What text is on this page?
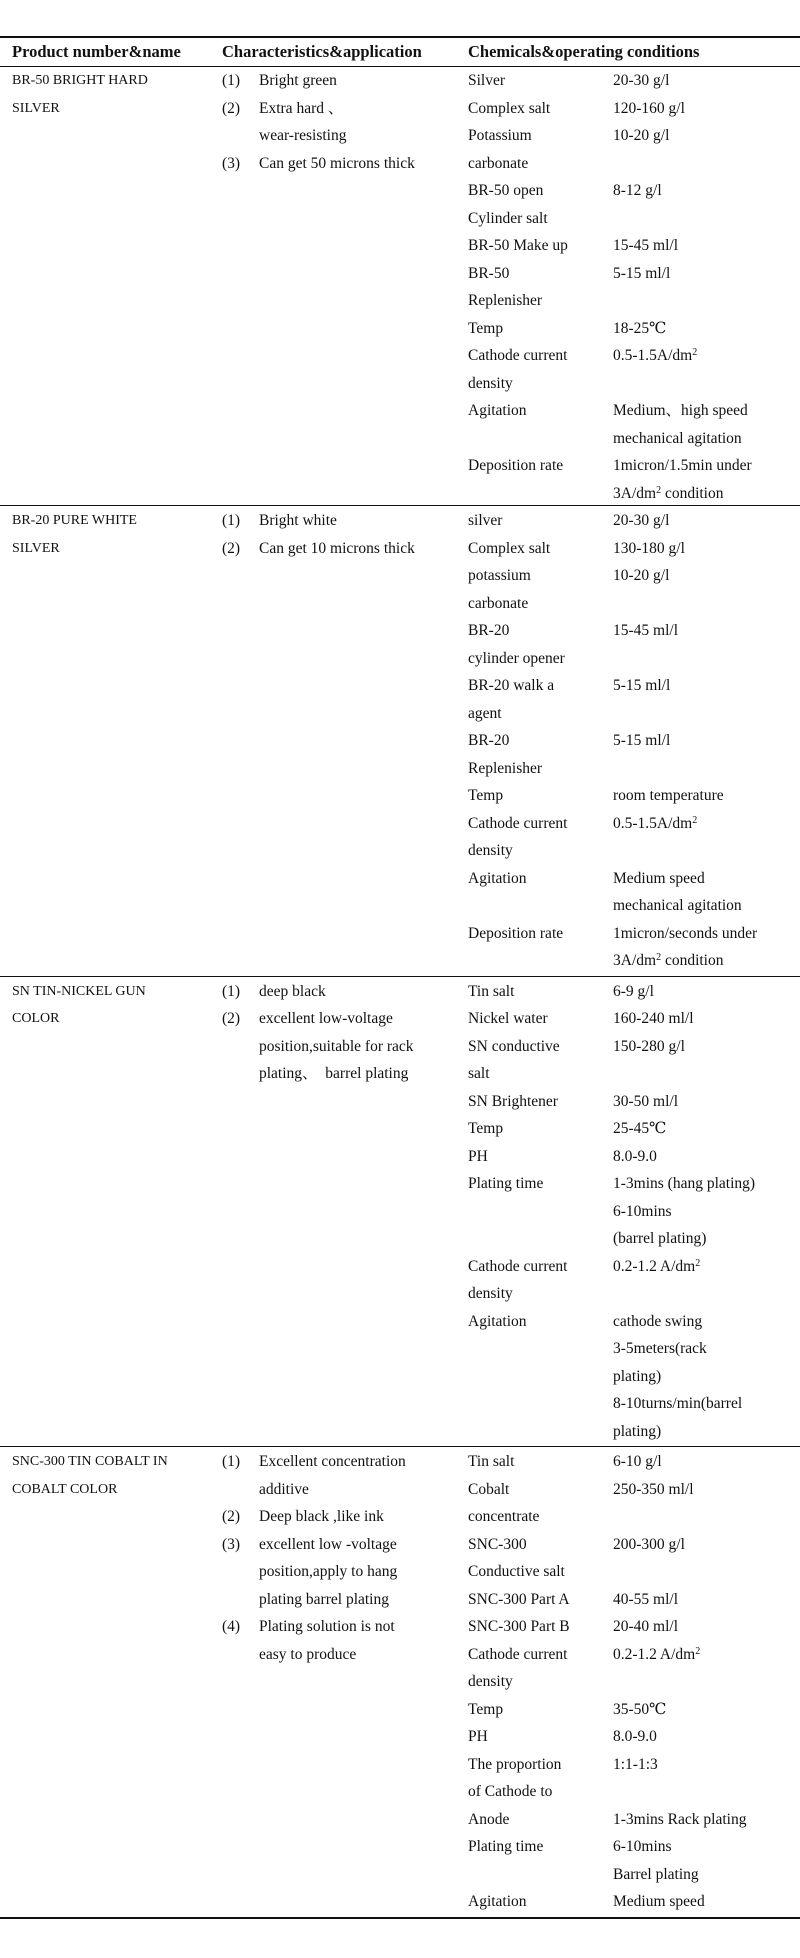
Product number&name Characteristics&application	Chemicals&operating conditions
BR-50 BRIGHT HARD
SILVER
(1) Bright green
(2) Extra hard 、
wear-resisting
(3) Can get 50 microns thick
Silver
Complex salt
Potassium
carbonate
BR-50 open
Cylinder salt
BR-50 Make up
BR-50
Replenisher
Temp
Cathode current
density
Agitation
Deposition rate
20-30 g/l
120-160 g/l
10-20 g/l
8-12 g/l
15-45 ml/l
5-15 ml/l
18-25℃
$0.5-1.5A/dm^2$
Medium、high speed
mechanical agitation
1micron/1.5min under
$3A/dm^2$ condition
BR-20 PURE WHITE
SILVER
(1) Bright white
(2) Can get 10 microns thick
silver
Complex salt
potassium
carbonate
BR-20
cylinder opener
BR-20 walk a
agent
BR-20
Replenisher
Temp
Cathode current
density
Agitation
Deposition rate
20-30 g/l
130-180 g/l
10-20 g/l
15-45 ml/l
5-15 ml/l
5-15 ml/l
room temperature
$0.5-1.5A/dm^2$
Medium speed
mechanical agitation
1micron/seconds under
$3A/dm^2$ condition
SN TIN-NICKEL GUN
COLOR
(1) deep black
(2) excellent low-voltage
position,suitable for rack
plating、  barrel plating
Tin salt
Nickel water
SN conductive
salt
SN Brightener
Temp
PH
Plating time
Cathode current
density
Agitation
6-9 g/l
160-240 ml/l
150-280 g/l
30-50 ml/l
25-45℃
8.0-9.0
1-3mins (hang plating)
6-10mins
(barrel plating)
0.2-1.2 $A/dm^2$
cathode swing
3-5meters(rack
plating)
8-10turns/min(barrel
plating)
SNC-300 TIN COBALT IN
COBALT COLOR
(1) Excellent concentration
additive
(2) Deep black ,like ink
(3) excellent low -voltage
position,apply to hang
plating barrel plating
(4) Plating solution is not
easy to produce
Tin salt
Cobalt
concentrate
SNC-300
Conductive salt
SNC-300 Part A
SNC-300 Part B
Cathode current
density
Temp
PH
The proportion
of Cathode to
Anode
Plating time
Agitation
6-10 g/l
250-350 ml/l
200-300 g/l
40-55 ml/l
20-40 ml/l
0.2-1.2 $A/dm^2$
35-50℃
8.0-9.0
1:1-1:3
1-3mins Rack plating
6-10mins
Barrel plating
Medium speed
